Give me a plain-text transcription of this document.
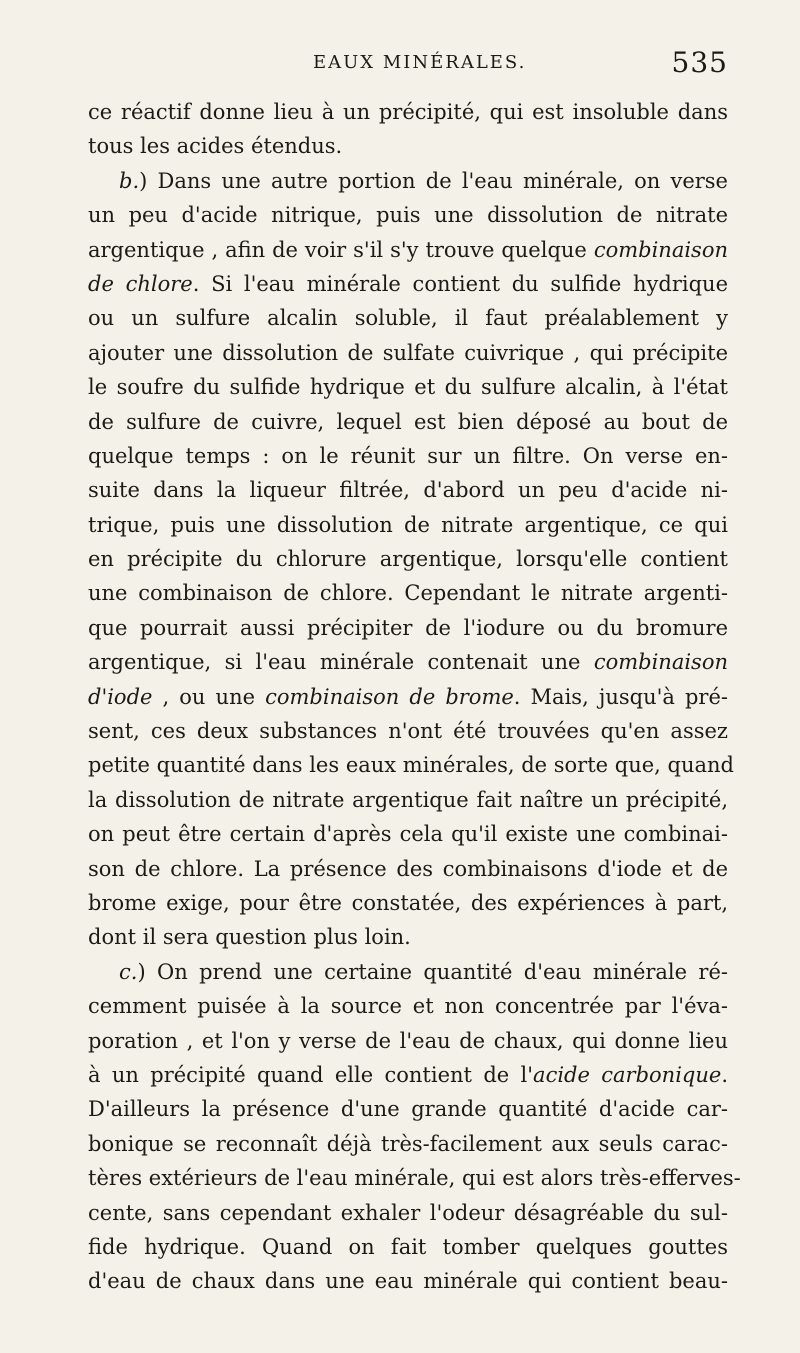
EAUX MINÉRALES.	535
ce réactif donne lieu à un précipité, qui est insoluble dans
tous les acides étendus.
b.) Dans une autre portion de l'eau minérale, on verse
un peu d'acide nitrique, puis une dissolution de nitrate
argentique , afin de voir s'il s'y trouve quelque combinaison
de chlore. Si l'eau minérale contient du sulfide hydrique
ou un sulfure alcalin soluble, il faut préalablement y
ajouter une dissolution de sulfate cuivrique , qui précipite
le soufre du sulfide hydrique et du sulfure alcalin, à l'état
de sulfure de cuivre, lequel est bien déposé au bout de
quelque temps : on le réunit sur un filtre. On verse en-
suite dans la liqueur filtrée, d'abord un peu d'acide ni-
trique, puis une dissolution de nitrate argentique, ce qui
en précipite du chlorure argentique, lorsqu'elle contient
une combinaison de chlore. Cependant le nitrate argenti-
que pourrait aussi précipiter de l'iodure ou du bromure
argentique, si l'eau minérale contenait une combinaison
d'iode , ou une combinaison de brome. Mais, jusqu'à pré-
sent, ces deux substances n'ont été trouvées qu'en assez
petite quantité dans les eaux minérales, de sorte que, quand
la dissolution de nitrate argentique fait naître un précipité,
on peut être certain d'après cela qu'il existe une combinai-
son de chlore. La présence des combinaisons d'iode et de
brome exige, pour être constatée, des expériences à part,
dont il sera question plus loin.
c.) On prend une certaine quantité d'eau minérale ré-
cemment puisée à la source et non concentrée par l'éva-
poration , et l'on y verse de l'eau de chaux, qui donne lieu
à un précipité quand elle contient de l'acide carbonique.
D'ailleurs la présence d'une grande quantité d'acide car-
bonique se reconnaît déjà très-facilement aux seuls carac-
tères extérieurs de l'eau minérale, qui est alors très-efferves-
cente, sans cependant exhaler l'odeur désagréable du sul-
fide hydrique. Quand on fait tomber quelques gouttes
d'eau de chaux dans une eau minérale qui contient beau-
